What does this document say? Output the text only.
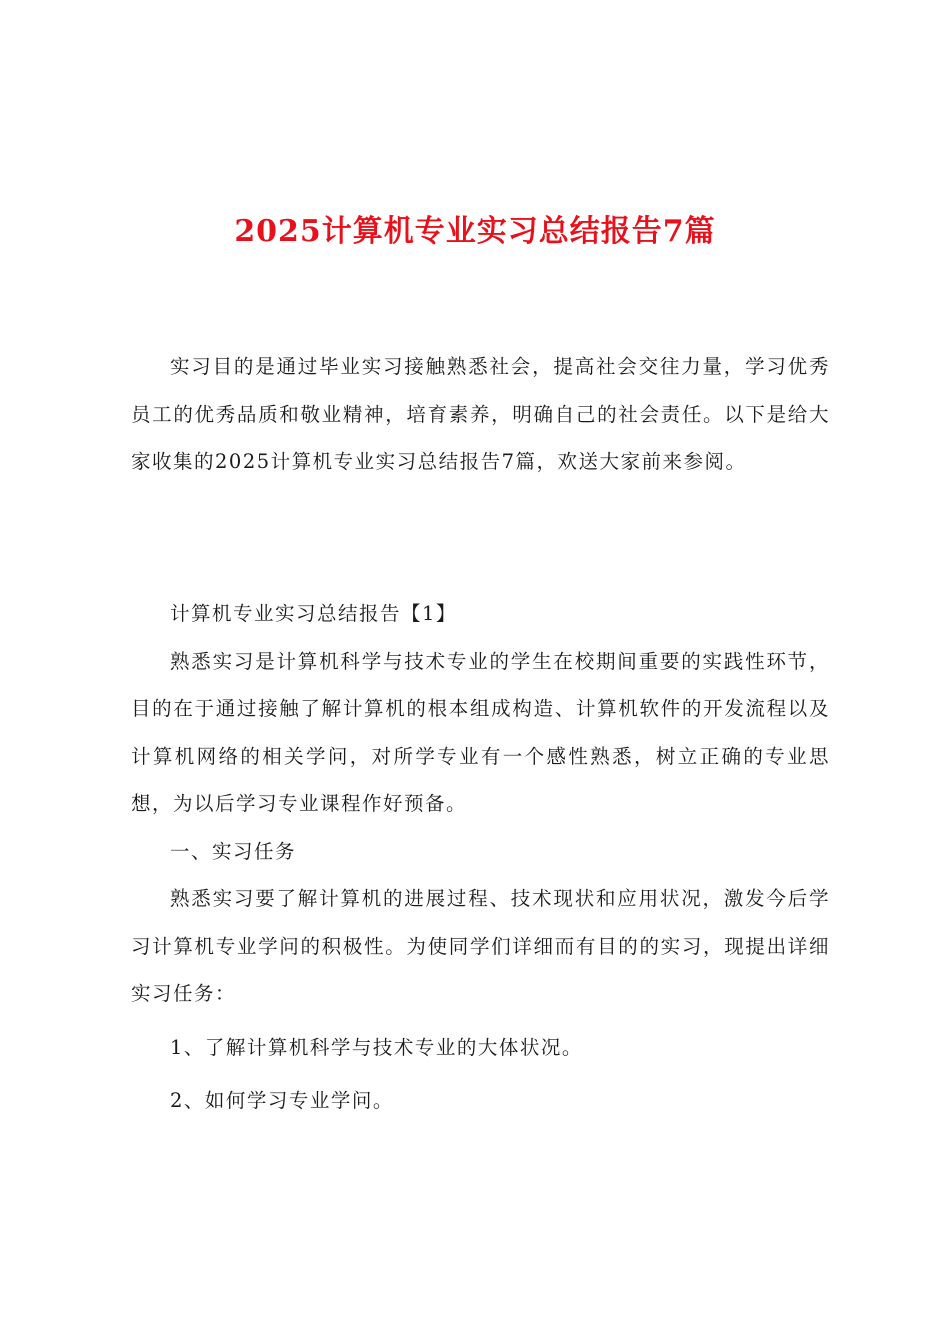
2025计算机专业实习总结报告7篇

实习目的是通过毕业实习接触熟悉社会，提高社会交往力量，学习优秀员工的优秀品质和敬业精神，培育素养，明确自己的社会责任。以下是给大家收集的2025计算机专业实习总结报告7篇，欢送大家前来参阅。

计算机专业实习总结报告【1】

熟悉实习是计算机科学与技术专业的学生在校期间重要的实践性环节，目的在于通过接触了解计算机的根本组成构造、计算机软件的开发流程以及计算机网络的相关学问，对所学专业有一个感性熟悉，树立正确的专业思想，为以后学习专业课程作好预备。

一、实习任务

熟悉实习要了解计算机的进展过程、技术现状和应用状况，激发今后学习计算机专业学问的积极性。为使同学们详细而有目的的实习，现提出详细实习任务：

1、了解计算机科学与技术专业的大体状况。

2、如何学习专业学问。
